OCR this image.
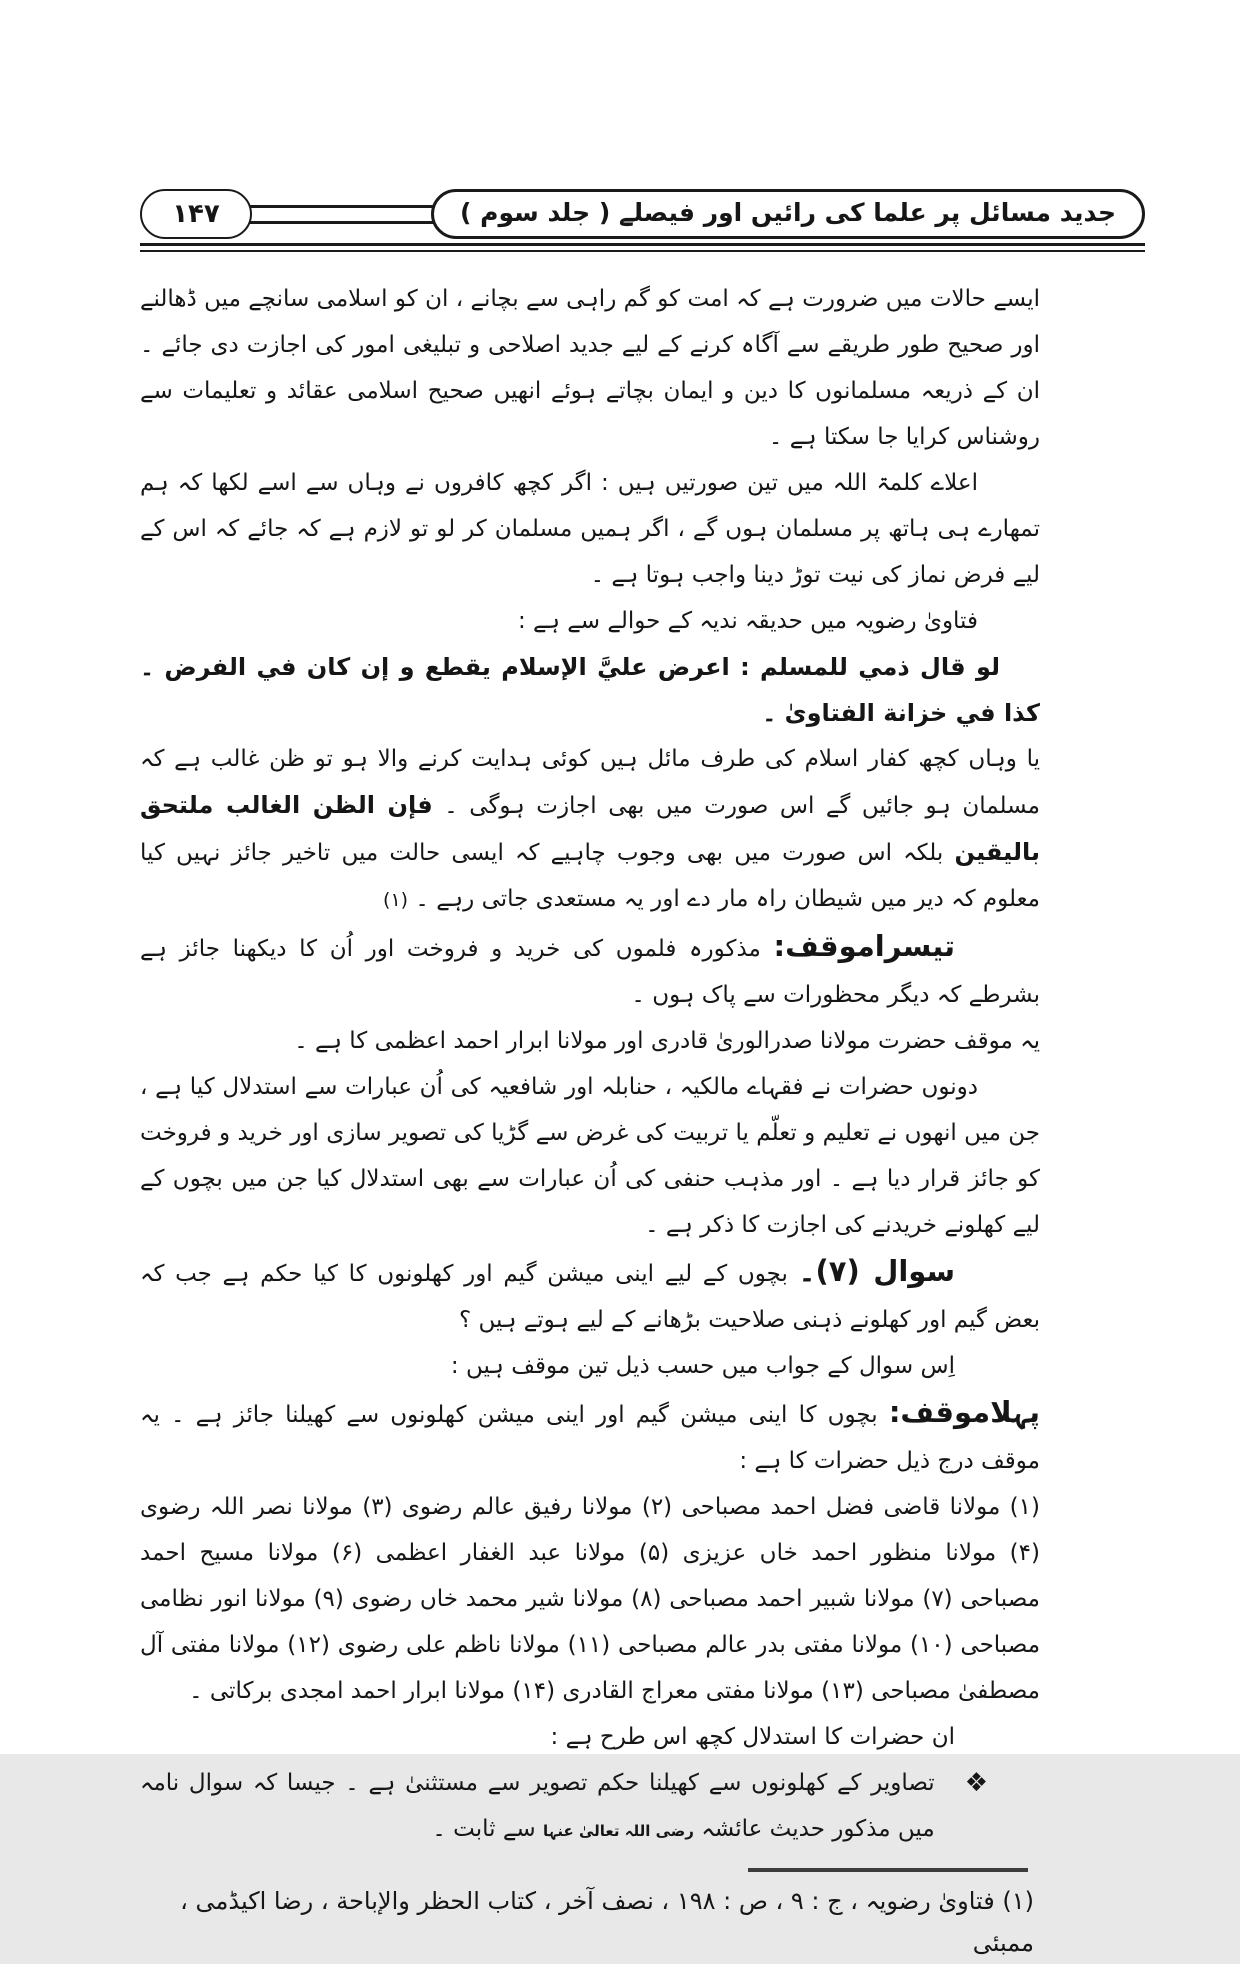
۱۴۷	جدید مسائل پر علما کی رائیں اور فیصلے ( جلد سوم )

ایسے حالات میں ضرورت ہے کہ امت کو گم راہی سے بچانے ، ان کو اسلامی سانچے میں ڈھالنے اور صحیح طور طریقے سے آگاہ کرنے کے لیے جدید اصلاحی و تبلیغی امور کی اجازت دی جائے ۔ ان کے ذریعہ مسلمانوں کا دین و ایمان بچاتے ہوئے انھیں صحیح اسلامی عقائد و تعلیمات سے روشناس کرایا جا سکتا ہے ۔

اعلاے کلمۃ اللہ میں تین صورتیں ہیں : اگر کچھ کافروں نے وہاں سے اسے لکھا کہ ہم تمھارے ہی ہاتھ پر مسلمان ہوں گے ، اگر ہمیں مسلمان کر لو تو لازم ہے کہ جائے کہ اس کے لیے فرض نماز کی نیت توڑ دینا واجب ہوتا ہے ۔

فتاویٰ رضویہ میں حدیقہ ندیہ کے حوالے سے ہے :

لو قال ذمي للمسلم : اعرض عليَّ الإسلام يقطع و إن كان في الفرض ۔ كذا في خزانة الفتاوىٰ ۔

یا وہاں کچھ کفار اسلام کی طرف مائل ہیں کوئی ہدایت کرنے والا ہو تو ظن غالب ہے کہ مسلمان ہو جائیں گے اس صورت میں بھی اجازت ہوگی ۔ فإن الظن الغالب ملتحق باليقين بلکہ اس صورت میں بھی وجوب چاہیے کہ ایسی حالت میں تاخیر جائز نہیں کیا معلوم کہ دیر میں شیطان راہ مار دے اور یہ مستعدی جاتی رہے ۔ (۱)

تیسراموقف: مذکورہ فلموں کی خرید و فروخت اور اُن کا دیکھنا جائز ہے بشرطے کہ دیگر محظورات سے پاک ہوں ۔

یہ موقف حضرت مولانا صدرالورىٰ قادری اور مولانا ابرار احمد اعظمی کا ہے ۔

دونوں حضرات نے فقہاے مالکیہ ، حنابلہ اور شافعیہ کی اُن عبارات سے استدلال کیا ہے ، جن میں انھوں نے تعلیم و تعلّم یا تربیت کی غرض سے گڑیا کی تصویر سازی اور خرید و فروخت کو جائز قرار دیا ہے ۔ اور مذہب حنفی کی اُن عبارات سے بھی استدلال کیا جن میں بچوں کے لیے کھلونے خریدنے کی اجازت کا ذکر ہے ۔

سوال (۷)۔ بچوں کے لیے اینی میشن گیم اور کھلونوں کا کیا حکم ہے جب کہ بعض گیم اور کھلونے ذہنی صلاحیت بڑھانے کے لیے ہوتے ہیں ؟

اِس سوال کے جواب میں حسب ذیل تین موقف ہیں :

پہلاموقف: بچوں کا اینی میشن گیم اور اینی میشن کھلونوں سے کھیلنا جائز ہے ۔ یہ موقف درج ذیل حضرات کا ہے :

(۱) مولانا قاضی فضل احمد مصباحی (۲) مولانا رفیق عالم رضوی (۳) مولانا نصر اللہ رضوی (۴) مولانا منظور احمد خاں عزیزی (۵) مولانا عبد الغفار اعظمی (۶) مولانا مسیح احمد مصباحی (۷) مولانا شبیر احمد مصباحی (۸) مولانا شیر محمد خاں رضوی (۹) مولانا انور نظامی مصباحی (۱۰) مولانا مفتی بدر عالم مصباحی (۱۱) مولانا ناظم علی رضوی (۱۲) مولانا مفتی آل مصطفیٰ مصباحی (۱۳) مولانا مفتی معراج القادری (۱۴) مولانا ابرار احمد امجدی برکاتی ۔

ان حضرات کا استدلال کچھ اس طرح ہے :

❖

تصاویر کے کھلونوں سے کھیلنا حکم تصویر سے مستثنیٰ ہے ۔ جیسا کہ سوال نامہ میں مذکور حدیث عائشہ رضی اللہ تعالیٰ عنہا سے ثابت ۔

(۱) فتاوىٰ رضویہ ، ج : ۹ ، ص : ۱۹۸ ، نصف آخر ، کتاب الحظر والإباحة ، رضا اکیڈمی ، ممبئی
